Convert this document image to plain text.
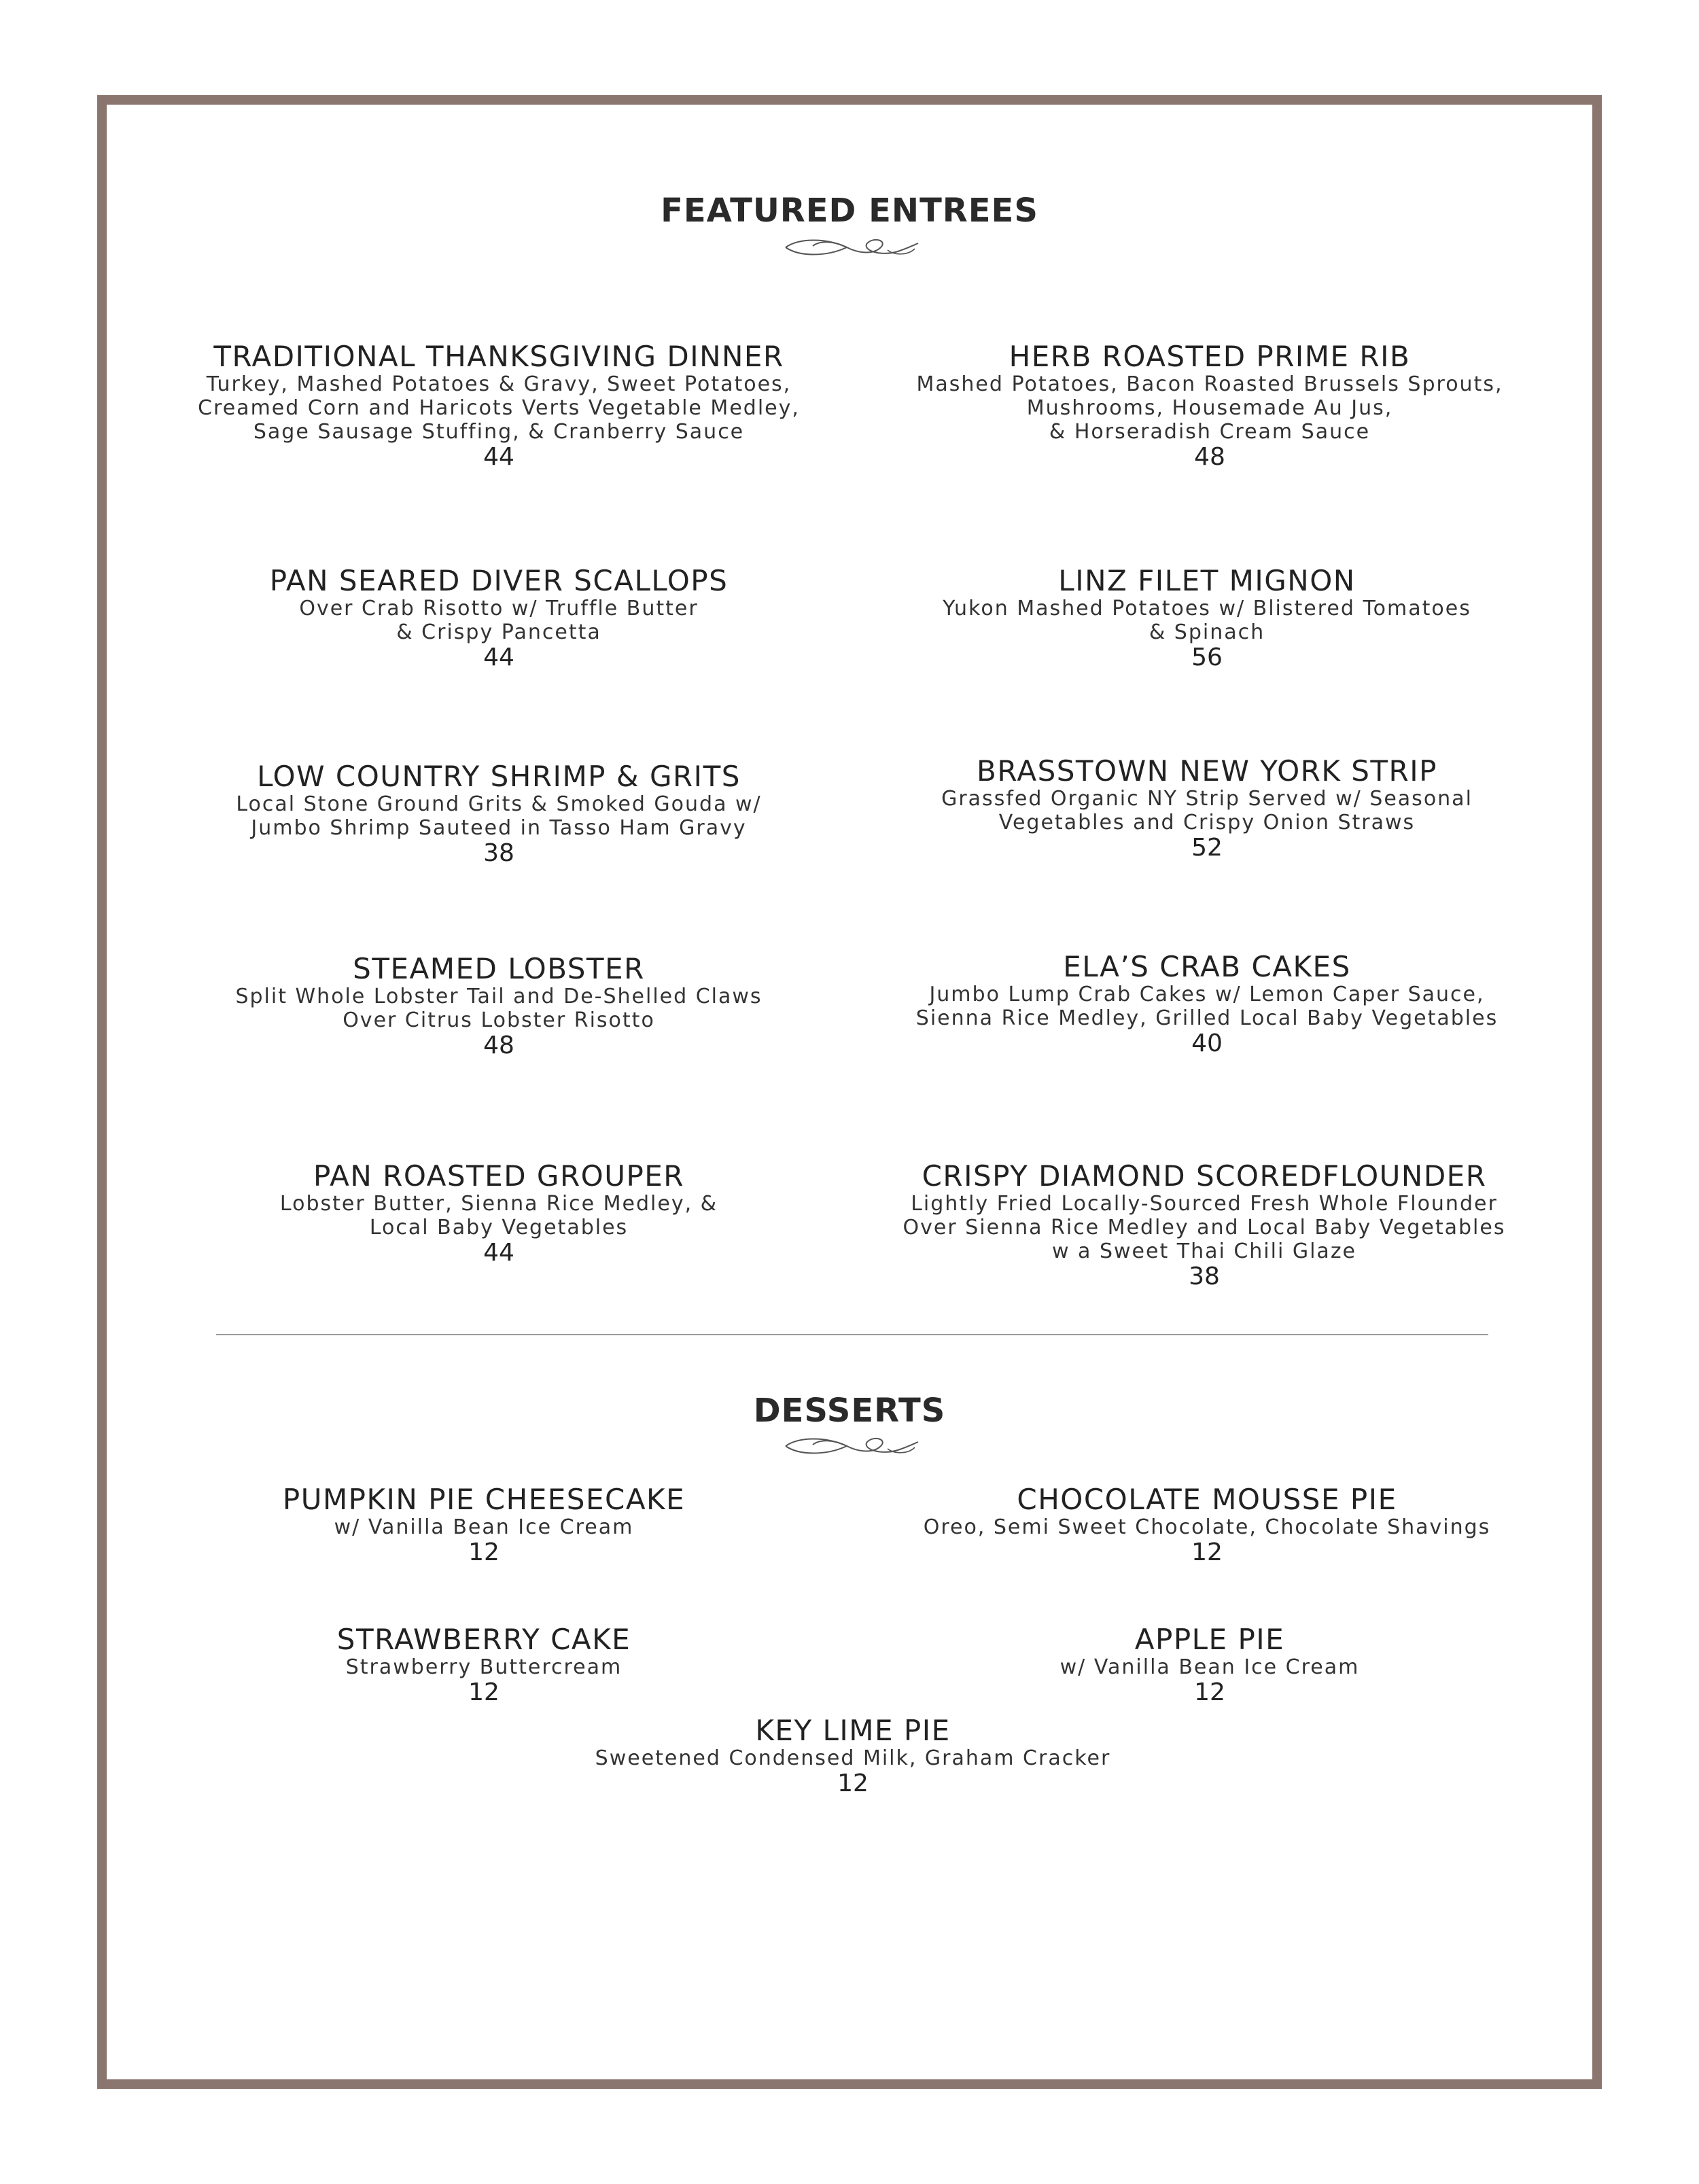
FEATURED ENTREES
TRADITIONAL THANKSGIVING DINNER
Turkey, Mashed Potatoes & Gravy, Sweet Potatoes,
Creamed Corn and Haricots Verts Vegetable Medley,
Sage Sausage Stuffing, & Cranberry Sauce
44
HERB ROASTED PRIME RIB
Mashed Potatoes, Bacon Roasted Brussels Sprouts,
Mushrooms, Housemade Au Jus,
& Horseradish Cream Sauce
48
PAN SEARED DIVER SCALLOPS
Over Crab Risotto w/ Truffle Butter
& Crispy Pancetta
44
LINZ FILET MIGNON
Yukon Mashed Potatoes w/ Blistered Tomatoes
& Spinach
56
LOW COUNTRY SHRIMP & GRITS
Local Stone Ground Grits & Smoked Gouda w/
Jumbo Shrimp Sauteed in Tasso Ham Gravy
38
BRASSTOWN NEW YORK STRIP
Grassfed Organic NY Strip Served w/ Seasonal
Vegetables and Crispy Onion Straws
52
STEAMED LOBSTER
Split Whole Lobster Tail and De-Shelled Claws
Over Citrus Lobster Risotto
48
ELA’S CRAB CAKES
Jumbo Lump Crab Cakes w/ Lemon Caper Sauce,
Sienna Rice Medley, Grilled Local Baby Vegetables
40
PAN ROASTED GROUPER
Lobster Butter, Sienna Rice Medley, &
Local Baby Vegetables
44
CRISPY DIAMOND SCOREDFLOUNDER
Lightly Fried Locally-Sourced Fresh Whole Flounder
Over Sienna Rice Medley and Local Baby Vegetables
w a Sweet Thai Chili Glaze
38
DESSERTS
PUMPKIN PIE CHEESECAKE
w/ Vanilla Bean Ice Cream
12
CHOCOLATE MOUSSE PIE
Oreo, Semi Sweet Chocolate, Chocolate Shavings
12
STRAWBERRY CAKE
Strawberry Buttercream
12
APPLE PIE
w/ Vanilla Bean Ice Cream
12
KEY LIME PIE
Sweetened Condensed Milk, Graham Cracker
12
